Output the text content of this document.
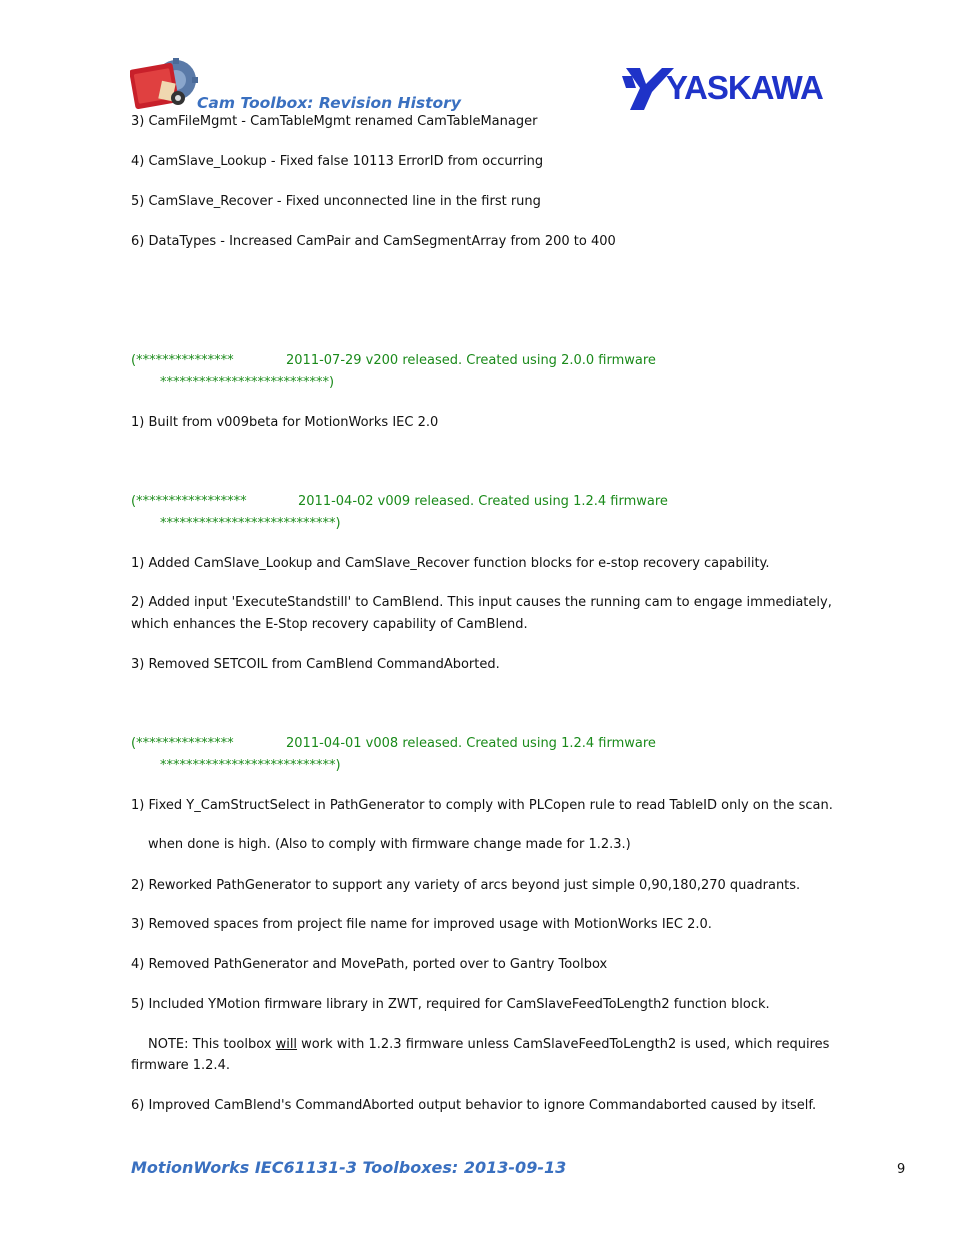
Cam Toolbox: Revision History	YASKAWA
3) CamFileMgmt - CamTableMgmt renamed CamTableManager
4) CamSlave_Lookup - Fixed false 10113 ErrorID from occurring
5) CamSlave_Recover - Fixed unconnected line in the first rung
6) DataTypes - Increased CamPair and CamSegmentArray from 200 to 400
(***************	2011-07-29 v200 released. Created using 2.0.0 firmware
**************************)
1) Built from v009beta for MotionWorks IEC 2.0
(*****************	2011-04-02 v009 released. Created using 1.2.4 firmware
***************************)
1) Added CamSlave_Lookup and CamSlave_Recover function blocks for e-stop recovery capability.
2) Added input 'ExecuteStandstill' to CamBlend. This input causes the running cam to engage immediately,
which enhances the E-Stop recovery capability of CamBlend.
3) Removed SETCOIL from CamBlend CommandAborted.
(***************	2011-04-01 v008 released. Created using 1.2.4 firmware
***************************)
1) Fixed Y_CamStructSelect in PathGenerator to comply with PLCopen rule to read TableID only on the scan.
when done is high. (Also to comply with firmware change made for 1.2.3.)
2) Reworked PathGenerator to support any variety of arcs beyond just simple 0,90,180,270 quadrants.
3) Removed spaces from project file name for improved usage with MotionWorks IEC 2.0.
4) Removed PathGenerator and MovePath, ported over to Gantry Toolbox
5) Included YMotion firmware library in ZWT, required for CamSlaveFeedToLength2 function block.
NOTE: This toolbox will work with 1.2.3 firmware unless CamSlaveFeedToLength2 is used, which requires
firmware 1.2.4.
6) Improved CamBlend's CommandAborted output behavior to ignore Commandaborted caused by itself.
MotionWorks IEC61131-3 Toolboxes: 2013-09-13	9
